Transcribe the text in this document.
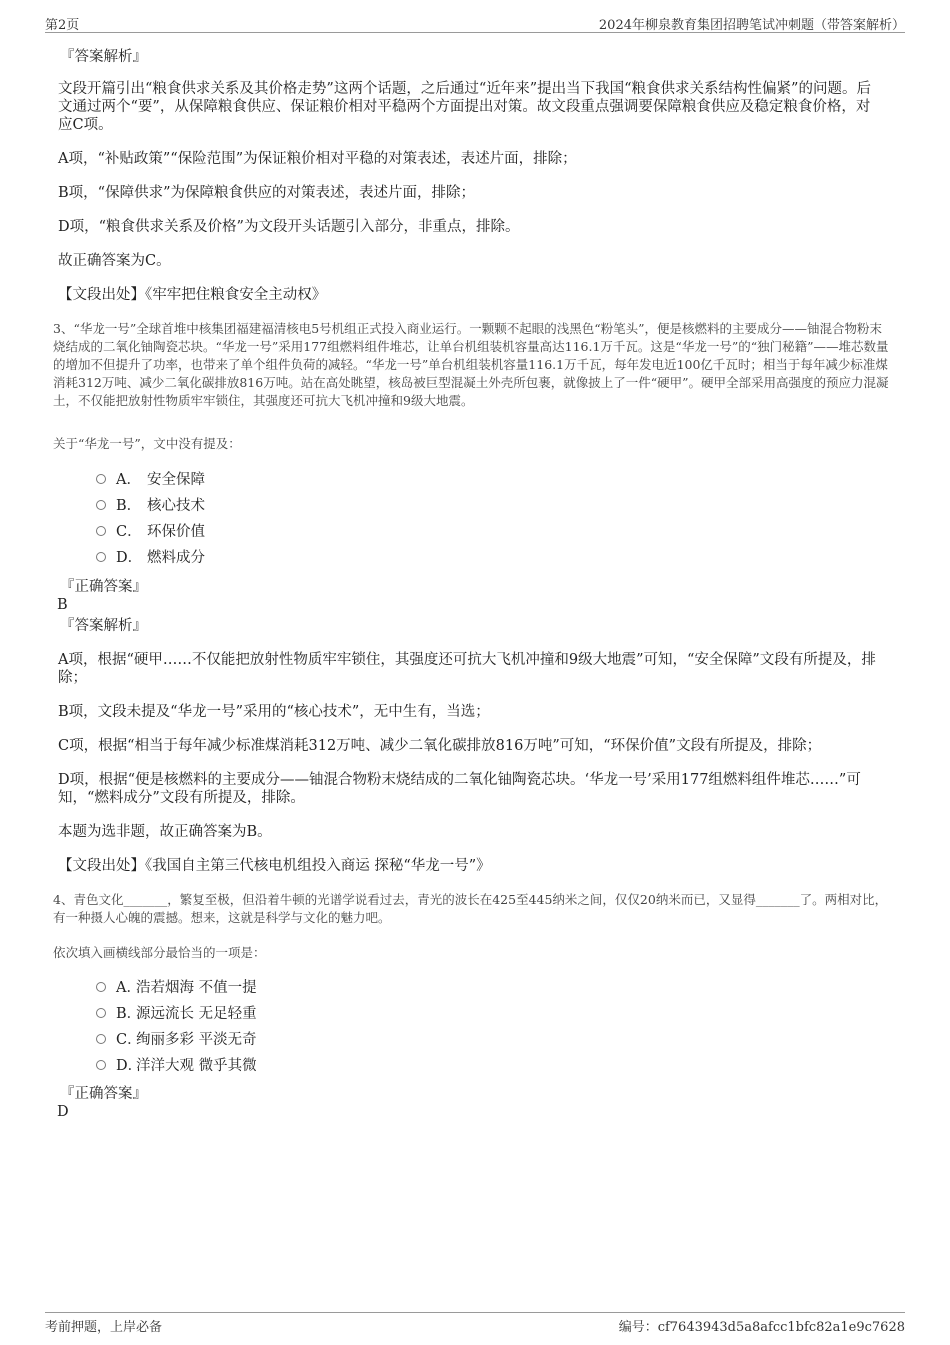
第2页	2024年柳泉教育集团招聘笔试冲刺题（带答案解析）
『答案解析』
文段开篇引出“粮食供求关系及其价格走势”这两个话题，之后通过“近年来”提出当下我国“粮食供求关系结构性偏紧”的问题。后文通过两个“要”，从保障粮食供应、保证粮价相对平稳两个方面提出对策。故文段重点强调要保障粮食供应及稳定粮食价格，对应C项。
A项，“补贴政策”“保险范围”为保证粮价相对平稳的对策表述，表述片面，排除；
B项，“保障供求”为保障粮食供应的对策表述，表述片面，排除；
D项，“粮食供求关系及价格”为文段开头话题引入部分，非重点，排除。
故正确答案为C。
【文段出处】《牢牢把住粮食安全主动权》
3、“华龙一号”全球首堆中核集团福建福清核电5号机组正式投入商业运行。一颗颗不起眼的浅黑色“粉笔头”，便是核燃料的主要成分——铀混合物粉末烧结成的二氧化铀陶瓷芯块。“华龙一号”采用177组燃料组件堆芯，让单台机组装机容量高达116.1万千瓦。这是“华龙一号”的“独门秘籍”——堆芯数量的增加不但提升了功率，也带来了单个组件负荷的减轻。“华龙一号”单台机组装机容量116.1万千瓦，每年发电近100亿千瓦时；相当于每年减少标准煤消耗312万吨、减少二氧化碳排放816万吨。站在高处眺望，核岛被巨型混凝土外壳所包裹，就像披上了一件“硬甲”。硬甲全部采用高强度的预应力混凝土，不仅能把放射性物质牢牢锁住，其强度还可抗大飞机冲撞和9级大地震。
关于“华龙一号”，文中没有提及：
A． 安全保障
B． 核心技术
C． 环保价值
D． 燃料成分
『正确答案』
B
『答案解析』
A项，根据“硬甲……不仅能把放射性物质牢牢锁住，其强度还可抗大飞机冲撞和9级大地震”可知，“安全保障”文段有所提及，排除；
B项，文段未提及“华龙一号”采用的“核心技术”，无中生有，当选；
C项，根据“相当于每年减少标准煤消耗312万吨、减少二氧化碳排放816万吨”可知，“环保价值”文段有所提及，排除；
D项，根据“便是核燃料的主要成分——铀混合物粉末烧结成的二氧化铀陶瓷芯块。‘华龙一号’采用177组燃料组件堆芯……”可知，“燃料成分”文段有所提及，排除。
本题为选非题，故正确答案为B。
【文段出处】《我国自主第三代核电机组投入商运 探秘“华龙一号”》
4、青色文化_______，繁复至极，但沿着牛顿的光谱学说看过去，青光的波长在425至445纳米之间，仅仅20纳米而已，又显得_______了。两相对比，有一种摄人心魄的震撼。想来，这就是科学与文化的魅力吧。
依次填入画横线部分最恰当的一项是：
A．浩若烟海 不值一提
B．源远流长 无足轻重
C．绚丽多彩 平淡无奇
D．洋洋大观 微乎其微
『正确答案』
D
考前押题，上岸必备	编号：cf7643943d5a8afcc1bfc82a1e9c7628
